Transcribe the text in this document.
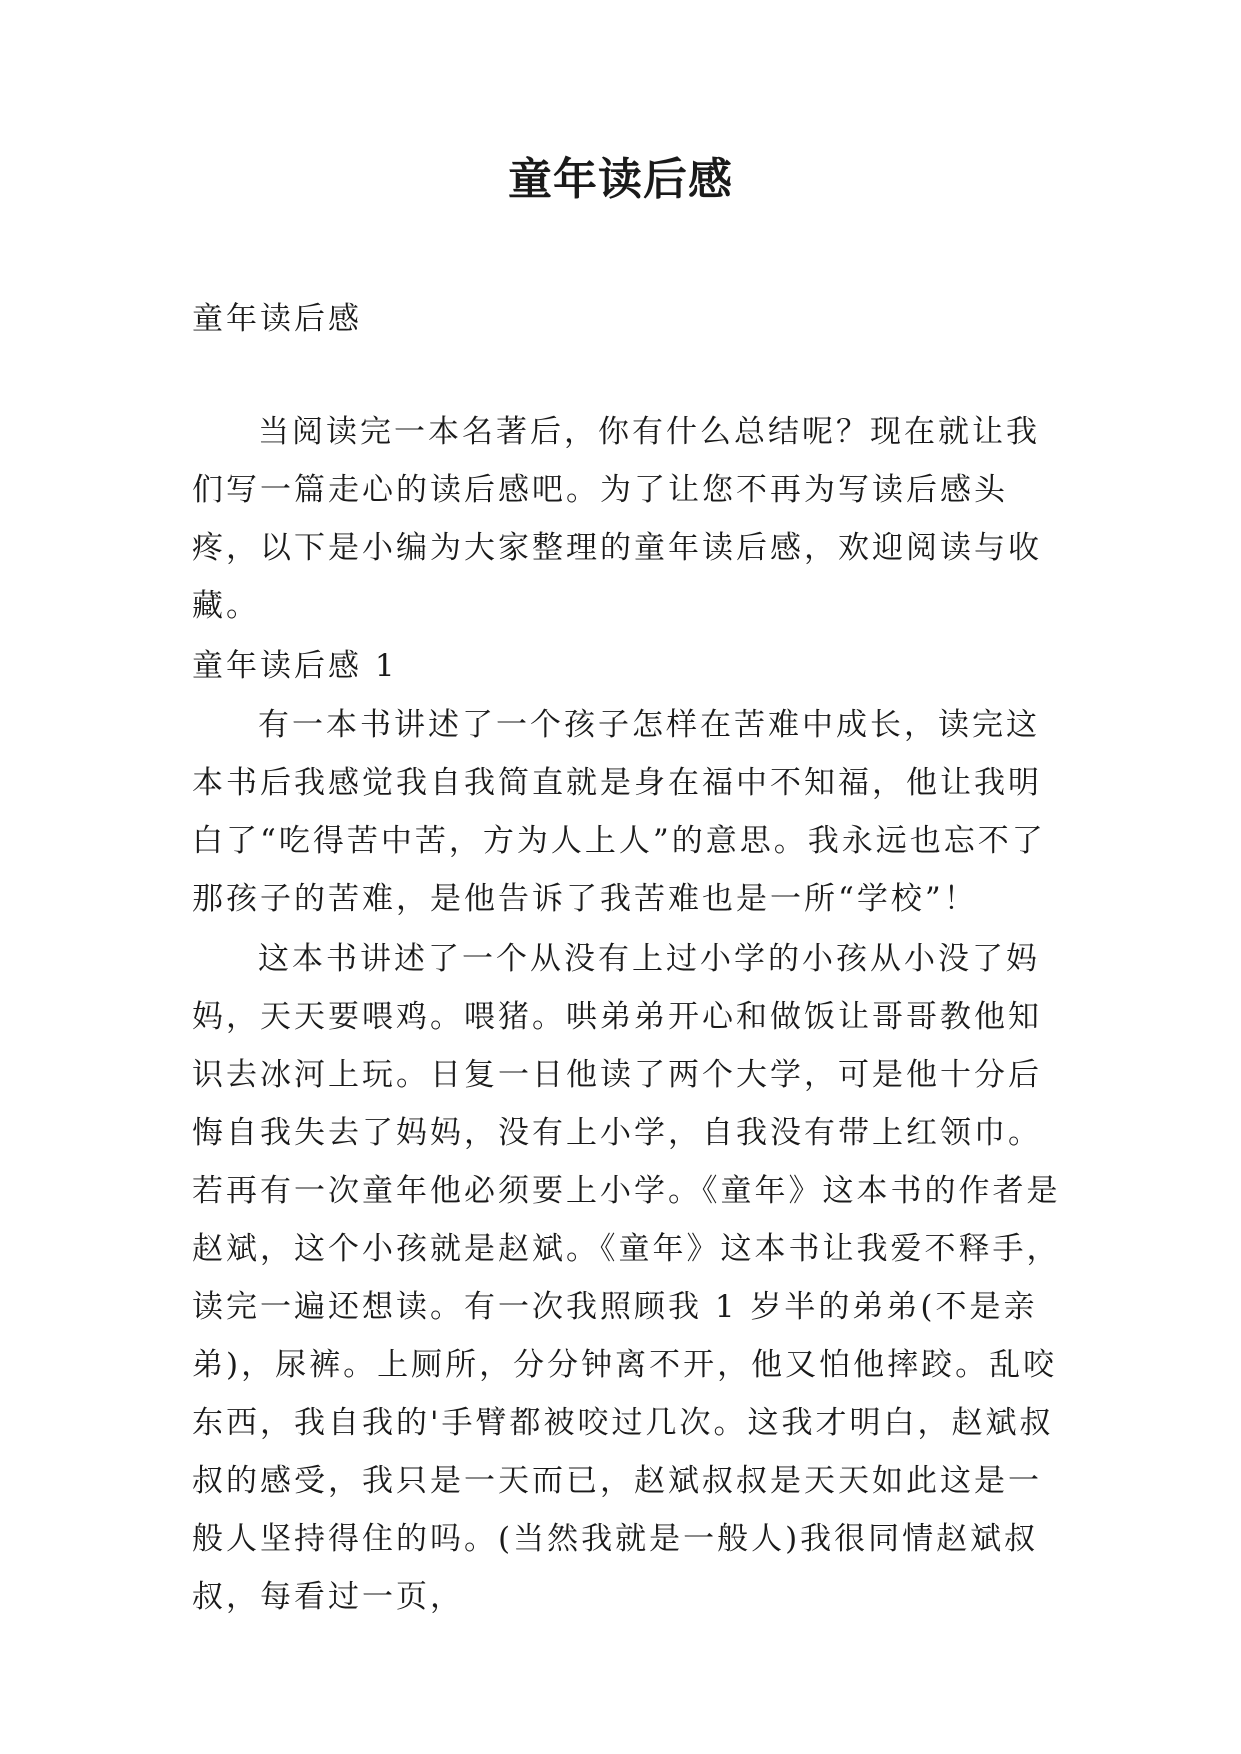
童年读后感

童年读后感

当阅读完一本名著后，你有什么总结呢？现在就让我们写一篇走心的读后感吧。为了让您不再为写读后感头疼，以下是小编为大家整理的童年读后感，欢迎阅读与收藏。

童年读后感 1

有一本书讲述了一个孩子怎样在苦难中成长，读完这本书后我感觉我自我简直就是身在福中不知福，他让我明白了“吃得苦中苦，方为人上人”的意思。我永远也忘不了那孩子的苦难，是他告诉了我苦难也是一所“学校”！

这本书讲述了一个从没有上过小学的小孩从小没了妈妈，天天要喂鸡。喂猪。哄弟弟开心和做饭让哥哥教他知识去冰河上玩。日复一日他读了两个大学，可是他十分后悔自我失去了妈妈，没有上小学，自我没有带上红领巾。若再有一次童年他必须要上小学。《童年》这本书的作者是赵斌，这个小孩就是赵斌。《童年》这本书让我爱不释手，读完一遍还想读。有一次我照顾我 1 岁半的弟弟(不是亲弟)，尿裤。上厕所，分分钟离不开，他又怕他摔跤。乱咬东西，我自我的'手臂都被咬过几次。这我才明白，赵斌叔叔的感受，我只是一天而已，赵斌叔叔是天天如此这是一般人坚持得住的吗。(当然我就是一般人)我很同情赵斌叔叔，每看过一页，
